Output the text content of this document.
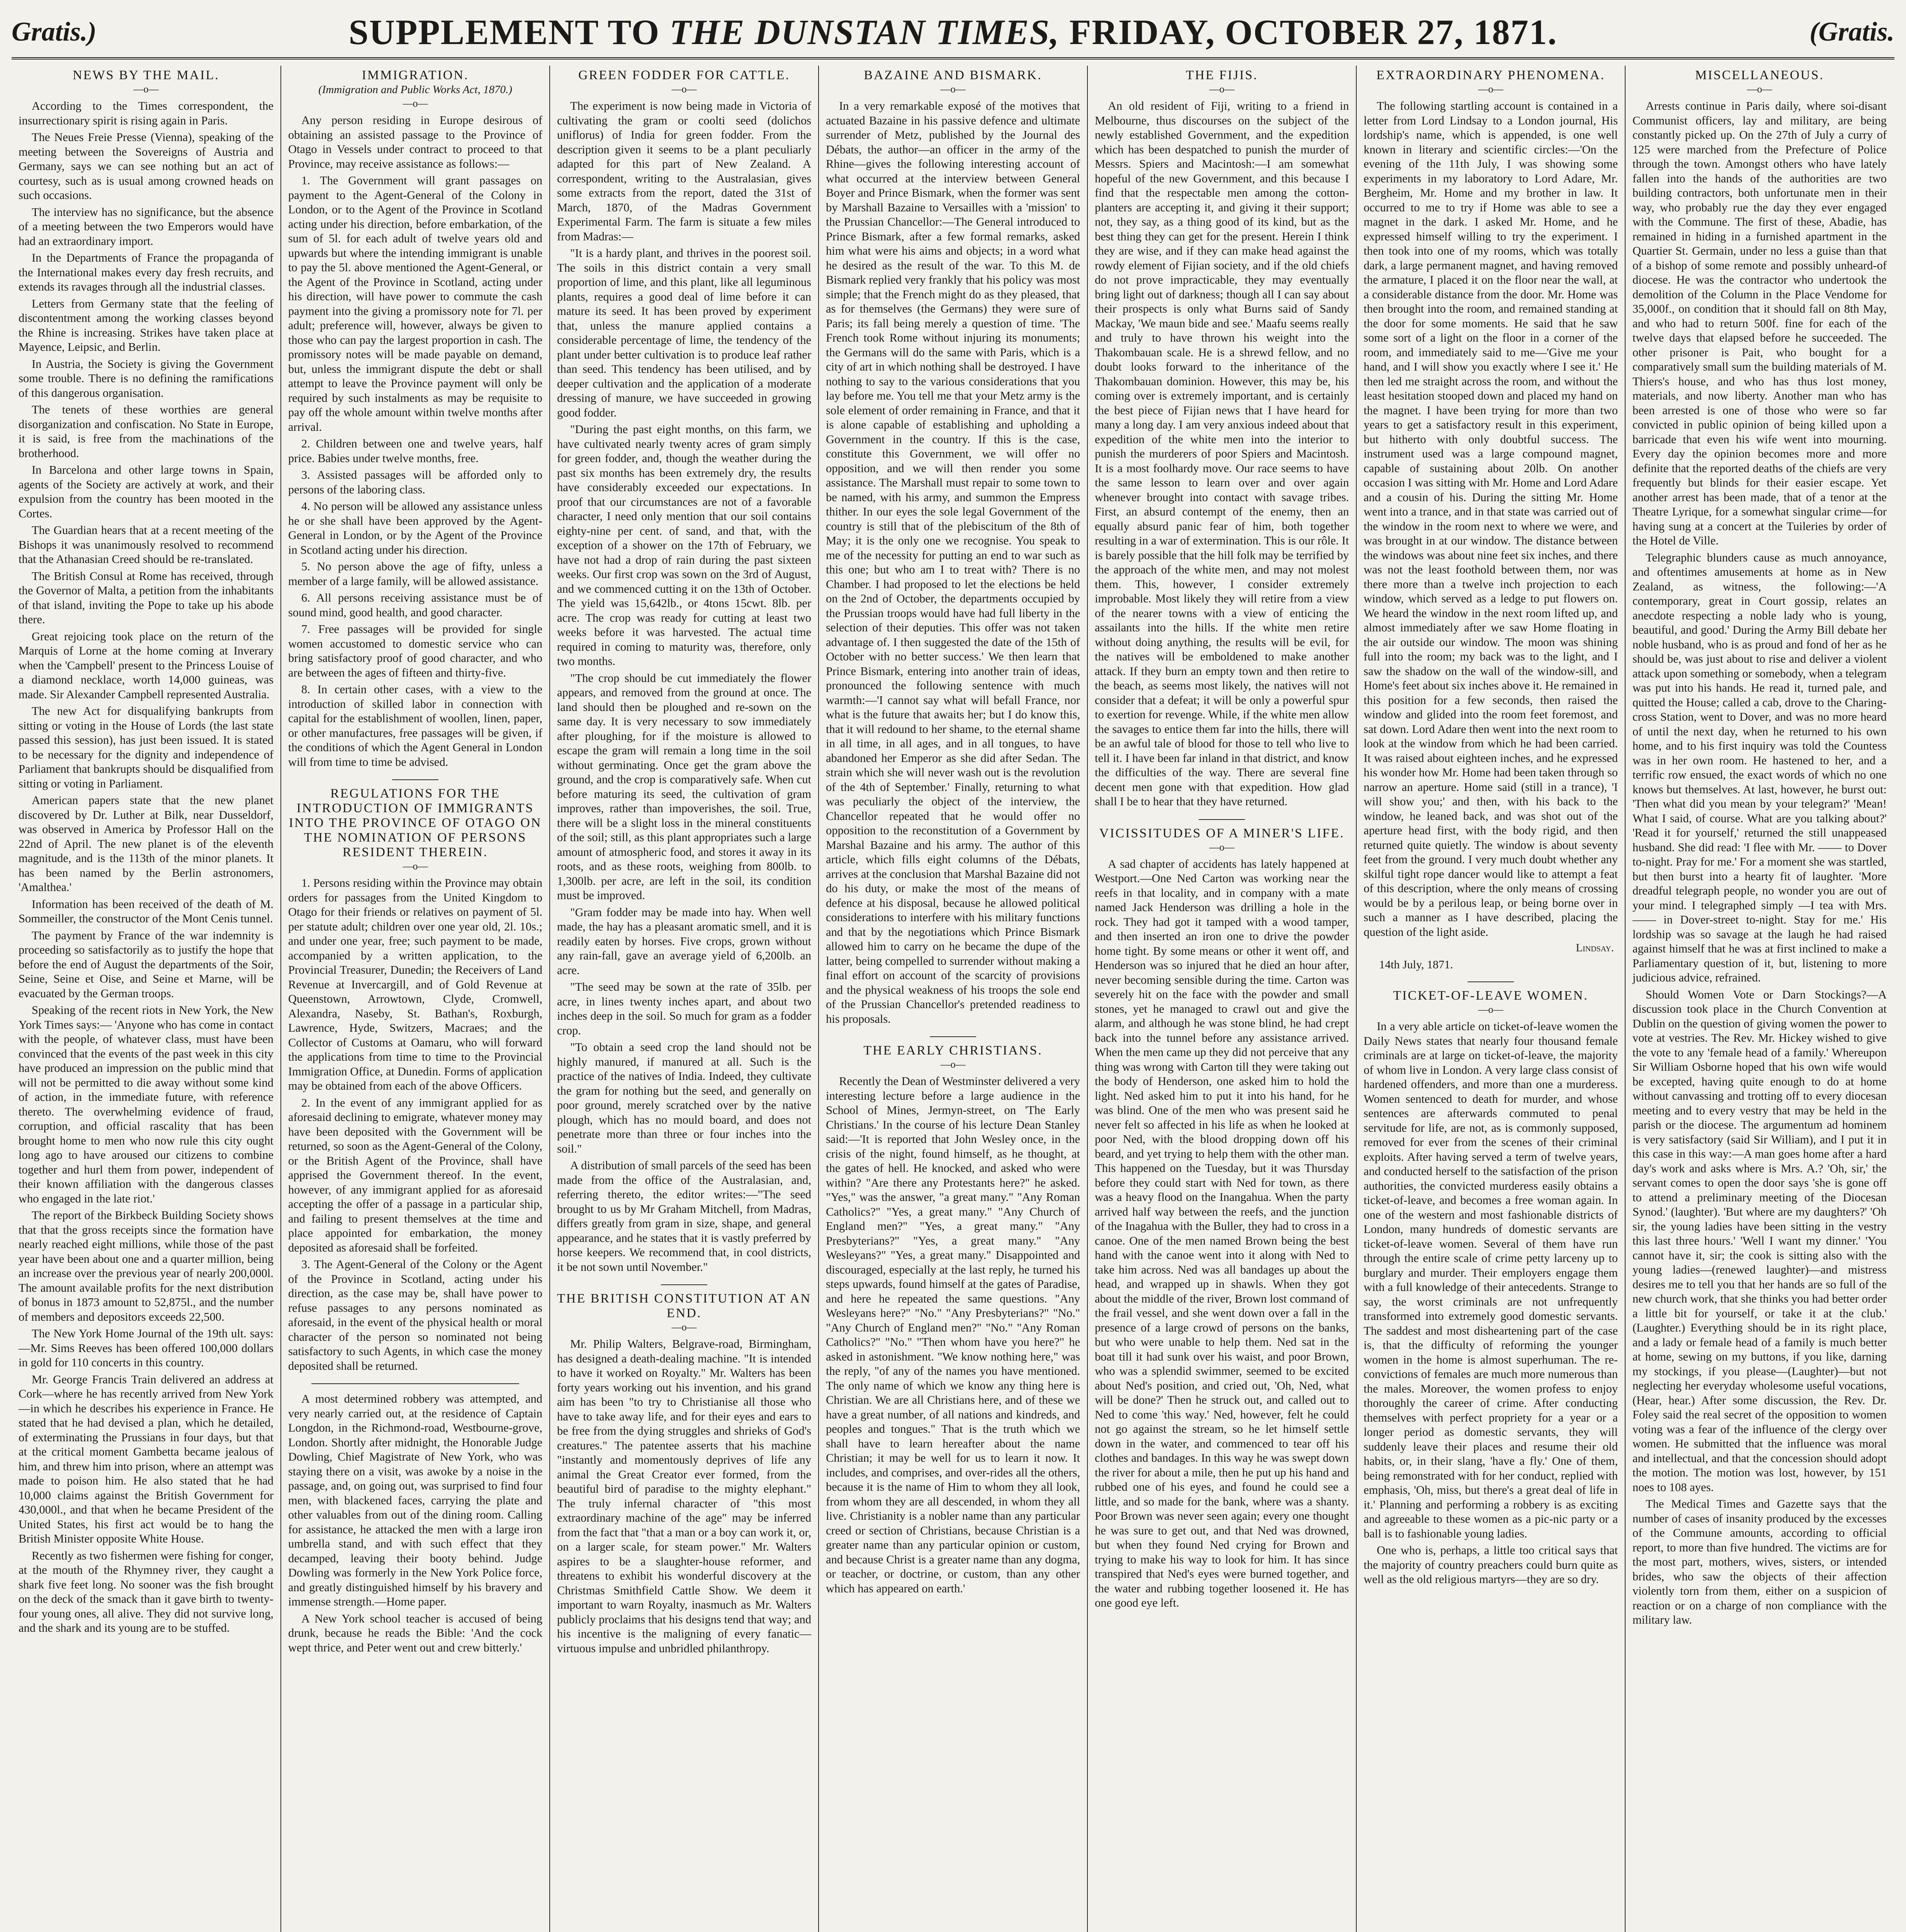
Gratis.)	SUPPLEMENT TO THE DUNSTAN TIMES, FRIDAY, OCTOBER 27, 1871.	(Gratis.
NEWS BY THE MAIL.
—o—

According to the Times correspondent, the insurrectionary spirit is rising again in Paris.

The Neues Freie Presse (Vienna), speaking of the meeting between the Sovereigns of Austria and Germany, says we can see nothing but an act of courtesy, such as is usual among crowned heads on such occasions.

The interview has no significance, but the absence of a meeting between the two Emperors would have had an extraordinary import.

In the Departments of France the propaganda of the International makes every day fresh recruits, and extends its ravages through all the industrial classes.

Letters from Germany state that the feeling of discontentment among the working classes beyond the Rhine is increasing. Strikes have taken place at Mayence, Leipsic, and Berlin.

In Austria, the Society is giving the Government some trouble. There is no defining the ramifications of this dangerous organisation.

The tenets of these worthies are general disorganization and confiscation. No State in Europe, it is said, is free from the machinations of the brotherhood.

In Barcelona and other large towns in Spain, agents of the Society are actively at work, and their expulsion from the country has been mooted in the Cortes.

The Guardian hears that at a recent meeting of the Bishops it was unanimously resolved to recommend that the Athanasian Creed should be re-translated.

The British Consul at Rome has received, through the Governor of Malta, a petition from the inhabitants of that island, inviting the Pope to take up his abode there.

Great rejoicing took place on the return of the Marquis of Lorne at the home coming at Inverary when the 'Campbell' present to the Princess Louise of a diamond necklace, worth 14,000 guineas, was made. Sir Alexander Campbell represented Australia.

The new Act for disqualifying bankrupts from sitting or voting in the House of Lords (the last state passed this session), has just been issued. It is stated to be necessary for the dignity and independence of Parliament that bankrupts should be disqualified from sitting or voting in Parliament.

American papers state that the new planet discovered by Dr. Luther at Bilk, near Dusseldorf, was observed in America by Professor Hall on the 22nd of April. The new planet is of the eleventh magnitude, and is the 113th of the minor planets. It has been named by the Berlin astronomers, 'Amalthea.'

Information has been received of the death of M. Sommeiller, the constructor of the Mont Cenis tunnel.

The payment by France of the war indemnity is proceeding so satisfactorily as to justify the hope that before the end of August the departments of the Soir, Seine, Seine et Oise, and Seine et Marne, will be evacuated by the German troops.

Speaking of the recent riots in New York, the New York Times says:— 'Anyone who has come in contact with the people, of whatever class, must have been convinced that the events of the past week in this city have produced an impression on the public mind that will not be permitted to die away without some kind of action, in the immediate future, with reference thereto. The overwhelming evidence of fraud, corruption, and official rascality that has been brought home to men who now rule this city ought long ago to have aroused our citizens to combine together and hurl them from power, independent of their known affiliation with the dangerous classes who engaged in the late riot.'

The report of the Birkbeck Building Society shows that that the gross receipts since the formation have nearly reached eight millions, while those of the past year have been about one and a quarter million, being an increase over the previous year of nearly 200,000l. The amount available profits for the next distribution of bonus in 1873 amount to 52,875l., and the number of members and depositors exceeds 22,500.

The New York Home Journal of the 19th ult. says:—Mr. Sims Reeves has been offered 100,000 dollars in gold for 110 concerts in this country.

Mr. George Francis Train delivered an address at Cork—where he has recently arrived from New York—in which he describes his experience in France. He stated that he had devised a plan, which he detailed, of exterminating the Prussians in four days, but that at the critical moment Gambetta became jealous of him, and threw him into prison, where an attempt was made to poison him. He also stated that he had 10,000 claims against the British Government for 430,000l., and that when he became President of the United States, his first act would be to hang the British Minister opposite White House.

Recently as two fishermen were fishing for conger, at the mouth of the Rhymney river, they caught a shark five feet long. No sooner was the fish brought on the deck of the smack than it gave birth to twenty-four young ones, all alive. They did not survive long, and the shark and its young are to be stuffed.

IMMIGRATION.
(Immigration and Public Works Act, 1870.)
—o—

Any person residing in Europe desirous of obtaining an assisted passage to the Province of Otago in Vessels under contract to proceed to that Province, may receive assistance as follows:—

1. The Government will grant passages on payment to the Agent-General of the Colony in London, or to the Agent of the Province in Scotland acting under his direction, before embarkation, of the sum of 5l. for each adult of twelve years old and upwards but where the intending immigrant is unable to pay the 5l. above mentioned the Agent-General, or the Agent of the Province in Scotland, acting under his direction, will have power to commute the cash payment into the giving a promissory note for 7l. per adult; preference will, however, always be given to those who can pay the largest proportion in cash. The promissory notes will be made payable on demand, but, unless the immigrant dispute the debt or shall attempt to leave the Province payment will only be required by such instalments as may be requisite to pay off the whole amount within twelve months after arrival.

2. Children between one and twelve years, half price. Babies under twelve months, free.

3. Assisted passages will be afforded only to persons of the laboring class.

4. No person will be allowed any assistance unless he or she shall have been approved by the Agent-General in London, or by the Agent of the Province in Scotland acting under his direction.

5. No person above the age of fifty, unless a member of a large family, will be allowed assistance.

6. All persons receiving assistance must be of sound mind, good health, and good character.

7. Free passages will be provided for single women accustomed to domestic service who can bring satisfactory proof of good character, and who are between the ages of fifteen and thirty-five.

8. In certain other cases, with a view to the introduction of skilled labor in connection with capital for the establishment of woollen, linen, paper, or other manufactures, free passages will be given, if the conditions of which the Agent General in London will from time to time be advised.

REGULATIONS FOR THE INTRODUCTION OF IMMIGRANTS INTO THE PROVINCE OF OTAGO ON THE NOMINATION OF PERSONS RESIDENT THEREIN.
—o—

1. Persons residing within the Province may obtain orders for passages from the United Kingdom to Otago for their friends or relatives on payment of 5l. per statute adult; children over one year old, 2l. 10s.; and under one year, free; such payment to be made, accompanied by a written application, to the Provincial Treasurer, Dunedin; the Receivers of Land Revenue at Invercargill, and of Gold Revenue at Queenstown, Arrowtown, Clyde, Cromwell, Alexandra, Naseby, St. Bathan's, Roxburgh, Lawrence, Hyde, Switzers, Macraes; and the Collector of Customs at Oamaru, who will forward the applications from time to time to the Provincial Immigration Office, at Dunedin. Forms of application may be obtained from each of the above Officers.

2. In the event of any immigrant applied for as aforesaid declining to emigrate, whatever money may have been deposited with the Government will be returned, so soon as the Agent-General of the Colony, or the British Agent of the Province, shall have apprised the Government thereof. In the event, however, of any immigrant applied for as aforesaid accepting the offer of a passage in a particular ship, and failing to present themselves at the time and place appointed for embarkation, the money deposited as aforesaid shall be forfeited.

3. The Agent-General of the Colony or the Agent of the Province in Scotland, acting under his direction, as the case may be, shall have power to refuse passages to any persons nominated as aforesaid, in the event of the physical health or moral character of the person so nominated not being satisfactory to such Agents, in which case the money deposited shall be returned.

A most determined robbery was attempted, and very nearly carried out, at the residence of Captain Longdon, in the Richmond-road, Westbourne-grove, London. Shortly after midnight, the Honorable Judge Dowling, Chief Magistrate of New York, who was staying there on a visit, was awoke by a noise in the passage, and, on going out, was surprised to find four men, with blackened faces, carrying the plate and other valuables from out of the dining room. Calling for assistance, he attacked the men with a large iron umbrella stand, and with such effect that they decamped, leaving their booty behind. Judge Dowling was formerly in the New York Police force, and greatly distinguished himself by his bravery and immense strength.—Home paper.

A New York school teacher is accused of being drunk, because he reads the Bible: 'And the cock wept thrice, and Peter went out and crew bitterly.'

GREEN FODDER FOR CATTLE.
—o—

The experiment is now being made in Victoria of cultivating the gram or coolti seed (dolichos uniflorus) of India for green fodder. From the description given it seems to be a plant peculiarly adapted for this part of New Zealand. A correspondent, writing to the Australasian, gives some extracts from the report, dated the 31st of March, 1870, of the Madras Government Experimental Farm. The farm is situate a few miles from Madras:—

"It is a hardy plant, and thrives in the poorest soil. The soils in this district contain a very small proportion of lime, and this plant, like all leguminous plants, requires a good deal of lime before it can mature its seed. It has been proved by experiment that, unless the manure applied contains a considerable percentage of lime, the tendency of the plant under better cultivation is to produce leaf rather than seed. This tendency has been utilised, and by deeper cultivation and the application of a moderate dressing of manure, we have succeeded in growing good fodder.

"During the past eight months, on this farm, we have cultivated nearly twenty acres of gram simply for green fodder, and, though the weather during the past six months has been extremely dry, the results have considerably exceeded our expectations. In proof that our circumstances are not of a favorable character, I need only mention that our soil contains eighty-nine per cent. of sand, and that, with the exception of a shower on the 17th of February, we have not had a drop of rain during the past sixteen weeks. Our first crop was sown on the 3rd of August, and we commenced cutting it on the 13th of October. The yield was 15,642lb., or 4tons 15cwt. 8lb. per acre. The crop was ready for cutting at least two weeks before it was harvested. The actual time required in coming to maturity was, therefore, only two months.

"The crop should be cut immediately the flower appears, and removed from the ground at once. The land should then be ploughed and re-sown on the same day. It is very necessary to sow immediately after ploughing, for if the moisture is allowed to escape the gram will remain a long time in the soil without germinating. Once get the gram above the ground, and the crop is comparatively safe. When cut before maturing its seed, the cultivation of gram improves, rather than impoverishes, the soil. True, there will be a slight loss in the mineral constituents of the soil; still, as this plant appropriates such a large amount of atmospheric food, and stores it away in its roots, and as these roots, weighing from 800lb. to 1,300lb. per acre, are left in the soil, its condition must be improved.

"Gram fodder may be made into hay. When well made, the hay has a pleasant aromatic smell, and it is readily eaten by horses. Five crops, grown without any rain-fall, gave an average yield of 6,200lb. an acre.

"The seed may be sown at the rate of 35lb. per acre, in lines twenty inches apart, and about two inches deep in the soil. So much for gram as a fodder crop.

"To obtain a seed crop the land should not be highly manured, if manured at all. Such is the practice of the natives of India. Indeed, they cultivate the gram for nothing but the seed, and generally on poor ground, merely scratched over by the native plough, which has no mould board, and does not penetrate more than three or four inches into the soil."

A distribution of small parcels of the seed has been made from the office of the Australasian, and, referring thereto, the editor writes:—"The seed brought to us by Mr Graham Mitchell, from Madras, differs greatly from gram in size, shape, and general appearance, and he states that it is vastly preferred by horse keepers. We recommend that, in cool districts, it be not sown until November."

THE BRITISH CONSTITUTION AT AN END.
—o—

Mr. Philip Walters, Belgrave-road, Birmingham, has designed a death-dealing machine. "It is intended to have it worked on Royalty." Mr. Walters has been forty years working out his invention, and his grand aim has been "to try to Christianise all those who have to take away life, and for their eyes and ears to be free from the dying struggles and shrieks of God's creatures." The patentee asserts that his machine "instantly and momentously deprives of life any animal the Great Creator ever formed, from the beautiful bird of paradise to the mighty elephant." The truly infernal character of "this most extraordinary machine of the age" may be inferred from the fact that "that a man or a boy can work it, or, on a larger scale, for steam power." Mr. Walters aspires to be a slaughter-house reformer, and threatens to exhibit his wonderful discovery at the Christmas Smithfield Cattle Show. We deem it important to warn Royalty, inasmuch as Mr. Walters publicly proclaims that his designs tend that way; and his incentive is the maligning of every fanatic—virtuous impulse and unbridled philanthropy.

BAZAINE AND BISMARK.
—o—

In a very remarkable exposé of the motives that actuated Bazaine in his passive defence and ultimate surrender of Metz, published by the Journal des Débats, the author—an officer in the army of the Rhine—gives the following interesting account of what occurred at the interview between General Boyer and Prince Bismark, when the former was sent by Marshall Bazaine to Versailles with a 'mission' to the Prussian Chancellor:—The General introduced to Prince Bismark, after a few formal remarks, asked him what were his aims and objects; in a word what he desired as the result of the war. To this M. de Bismark replied very frankly that his policy was most simple; that the French might do as they pleased, that as for themselves (the Germans) they were sure of Paris; its fall being merely a question of time. 'The French took Rome without injuring its monuments; the Germans will do the same with Paris, which is a city of art in which nothing shall be destroyed. I have nothing to say to the various considerations that you lay before me. You tell me that your Metz army is the sole element of order remaining in France, and that it is alone capable of establishing and upholding a Government in the country. If this is the case, constitute this Government, we will offer no opposition, and we will then render you some assistance. The Marshall must repair to some town to be named, with his army, and summon the Empress thither. In our eyes the sole legal Government of the country is still that of the plebiscitum of the 8th of May; it is the only one we recognise. You speak to me of the necessity for putting an end to war such as this one; but who am I to treat with? There is no Chamber. I had proposed to let the elections be held on the 2nd of October, the departments occupied by the Prussian troops would have had full liberty in the selection of their deputies. This offer was not taken advantage of. I then suggested the date of the 15th of October with no better success.' We then learn that Prince Bismark, entering into another train of ideas, pronounced the following sentence with much warmth:—'I cannot say what will befall France, nor what is the future that awaits her; but I do know this, that it will redound to her shame, to the eternal shame in all time, in all ages, and in all tongues, to have abandoned her Emperor as she did after Sedan. The strain which she will never wash out is the revolution of the 4th of September.' Finally, returning to what was peculiarly the object of the interview, the Chancellor repeated that he would offer no opposition to the reconstitution of a Government by Marshal Bazaine and his army. The author of this article, which fills eight columns of the Débats, arrives at the conclusion that Marshal Bazaine did not do his duty, or make the most of the means of defence at his disposal, because he allowed political considerations to interfere with his military functions and that by the negotiations which Prince Bismark allowed him to carry on he became the dupe of the latter, being compelled to surrender without making a final effort on account of the scarcity of provisions and the physical weakness of his troops the sole end of the Prussian Chancellor's pretended readiness to his proposals.

THE EARLY CHRISTIANS.
—o—

Recently the Dean of Westminster delivered a very interesting lecture before a large audience in the School of Mines, Jermyn-street, on 'The Early Christians.' In the course of his lecture Dean Stanley said:—'It is reported that John Wesley once, in the crisis of the night, found himself, as he thought, at the gates of hell. He knocked, and asked who were within? "Are there any Protestants here?" he asked. "Yes," was the answer, "a great many." "Any Roman Catholics?" "Yes, a great many." "Any Church of England men?" "Yes, a great many." "Any Presbyterians?" "Yes, a great many." "Any Wesleyans?" "Yes, a great many." Disappointed and discouraged, especially at the last reply, he turned his steps upwards, found himself at the gates of Paradise, and here he repeated the same questions. "Any Wesleyans here?" "No." "Any Presbyterians?" "No." "Any Church of England men?" "No." "Any Roman Catholics?" "No." "Then whom have you here?" he asked in astonishment. "We know nothing here," was the reply, "of any of the names you have mentioned. The only name of which we know any thing here is Christian. We are all Christians here, and of these we have a great number, of all nations and kindreds, and peoples and tongues." That is the truth which we shall have to learn hereafter about the name Christian; it may be well for us to learn it now. It includes, and comprises, and over-rides all the others, because it is the name of Him to whom they all look, from whom they are all descended, in whom they all live. Christianity is a nobler name than any particular creed or section of Christians, because Christian is a greater name than any particular opinion or custom, and because Christ is a greater name than any dogma, or teacher, or doctrine, or custom, than any other which has appeared on earth.'

THE FIJIS.
—o—

An old resident of Fiji, writing to a friend in Melbourne, thus discourses on the subject of the newly established Government, and the expedition which has been despatched to punish the murder of Messrs. Spiers and Macintosh:—I am somewhat hopeful of the new Government, and this because I find that the respectable men among the cotton-planters are accepting it, and giving it their support; not, they say, as a thing good of its kind, but as the best thing they can get for the present. Herein I think they are wise, and if they can make head against the rowdy element of Fijian society, and if the old chiefs do not prove impracticable, they may eventually bring light out of darkness; though all I can say about their prospects is only what Burns said of Sandy Mackay, 'We maun bide and see.' Maafu seems really and truly to have thrown his weight into the Thakombauan scale. He is a shrewd fellow, and no doubt looks forward to the inheritance of the Thakombauan dominion. However, this may be, his coming over is extremely important, and is certainly the best piece of Fijian news that I have heard for many a long day. I am very anxious indeed about that expedition of the white men into the interior to punish the murderers of poor Spiers and Macintosh. It is a most foolhardy move. Our race seems to have the same lesson to learn over and over again whenever brought into contact with savage tribes. First, an absurd contempt of the enemy, then an equally absurd panic fear of him, both together resulting in a war of extermination. This is our rôle. It is barely possible that the hill folk may be terrified by the approach of the white men, and may not molest them. This, however, I consider extremely improbable. Most likely they will retire from a view of the nearer towns with a view of enticing the assailants into the hills. If the white men retire without doing anything, the results will be evil, for the natives will be emboldened to make another attack. If they burn an empty town and then retire to the beach, as seems most likely, the natives will not consider that a defeat; it will be only a powerful spur to exertion for revenge. While, if the white men allow the savages to entice them far into the hills, there will be an awful tale of blood for those to tell who live to tell it. I have been far inland in that district, and know the difficulties of the way. There are several fine decent men gone with that expedition. How glad shall I be to hear that they have returned.

VICISSITUDES OF A MINER'S LIFE.
—o—

A sad chapter of accidents has lately happened at Westport.—One Ned Carton was working near the reefs in that locality, and in company with a mate named Jack Henderson was drilling a hole in the rock. They had got it tamped with a wood tamper, and then inserted an iron one to drive the powder home tight. By some means or other it went off, and Henderson was so injured that he died an hour after, never becoming sensible during the time. Carton was severely hit on the face with the powder and small stones, yet he managed to crawl out and give the alarm, and although he was stone blind, he had crept back into the tunnel before any assistance arrived. When the men came up they did not perceive that any thing was wrong with Carton till they were taking out the body of Henderson, one asked him to hold the light. Ned asked him to put it into his hand, for he was blind. One of the men who was present said he never felt so affected in his life as when he looked at poor Ned, with the blood dropping down off his beard, and yet trying to help them with the other man. This happened on the Tuesday, but it was Thursday before they could start with Ned for town, as there was a heavy flood on the Inangahua. When the party arrived half way between the reefs, and the junction of the Inagahua with the Buller, they had to cross in a canoe. One of the men named Brown being the best hand with the canoe went into it along with Ned to take him across. Ned was all bandages up about the head, and wrapped up in shawls. When they got about the middle of the river, Brown lost command of the frail vessel, and she went down over a fall in the presence of a large crowd of persons on the banks, but who were unable to help them. Ned sat in the boat till it had sunk over his waist, and poor Brown, who was a splendid swimmer, seemed to be excited about Ned's position, and cried out, 'Oh, Ned, what will be done?' Then he struck out, and called out to Ned to come 'this way.' Ned, however, felt he could not go against the stream, so he let himself settle down in the water, and commenced to tear off his clothes and bandages. In this way he was swept down the river for about a mile, then he put up his hand and rubbed one of his eyes, and found he could see a little, and so made for the bank, where was a shanty. Poor Brown was never seen again; every one thought he was sure to get out, and that Ned was drowned, but when they found Ned crying for Brown and trying to make his way to look for him. It has since transpired that Ned's eyes were burned together, and the water and rubbing together loosened it. He has one good eye left.

EXTRAORDINARY PHENOMENA.
—o—

The following startling account is contained in a letter from Lord Lindsay to a London journal, His lordship's name, which is appended, is one well known in literary and scientific circles:—'On the evening of the 11th July, I was showing some experiments in my laboratory to Lord Adare, Mr. Bergheim, Mr. Home and my brother in law. It occurred to me to try if Home was able to see a magnet in the dark. I asked Mr. Home, and he expressed himself willing to try the experiment. I then took into one of my rooms, which was totally dark, a large permanent magnet, and having removed the armature, I placed it on the floor near the wall, at a considerable distance from the door. Mr. Home was then brought into the room, and remained standing at the door for some moments. He said that he saw some sort of a light on the floor in a corner of the room, and immediately said to me—'Give me your hand, and I will show you exactly where I see it.' He then led me straight across the room, and without the least hesitation stooped down and placed my hand on the magnet. I have been trying for more than two years to get a satisfactory result in this experiment, but hitherto with only doubtful success. The instrument used was a large compound magnet, capable of sustaining about 20lb. On another occasion I was sitting with Mr. Home and Lord Adare and a cousin of his. During the sitting Mr. Home went into a trance, and in that state was carried out of the window in the room next to where we were, and was brought in at our window. The distance between the windows was about nine feet six inches, and there was not the least foothold between them, nor was there more than a twelve inch projection to each window, which served as a ledge to put flowers on. We heard the window in the next room lifted up, and almost immediately after we saw Home floating in the air outside our window. The moon was shining full into the room; my back was to the light, and I saw the shadow on the wall of the window-sill, and Home's feet about six inches above it. He remained in this position for a few seconds, then raised the window and glided into the room feet foremost, and sat down. Lord Adare then went into the next room to look at the window from which he had been carried. It was raised about eighteen inches, and he expressed his wonder how Mr. Home had been taken through so narrow an aperture. Home said (still in a trance), 'I will show you;' and then, with his back to the window, he leaned back, and was shot out of the aperture head first, with the body rigid, and then returned quite quietly. The window is about seventy feet from the ground. I very much doubt whether any skilful tight rope dancer would like to attempt a feat of this description, where the only means of crossing would be by a perilous leap, or being borne over in such a manner as I have described, placing the question of the light aside.

Lindsay.
14th July, 1871.
TICKET-OF-LEAVE WOMEN.
—o—

In a very able article on ticket-of-leave women the Daily News states that nearly four thousand female criminals are at large on ticket-of-leave, the majority of whom live in London. A very large class consist of hardened offenders, and more than one a murderess. Women sentenced to death for murder, and whose sentences are afterwards commuted to penal servitude for life, are not, as is commonly supposed, removed for ever from the scenes of their criminal exploits. After having served a term of twelve years, and conducted herself to the satisfaction of the prison authorities, the convicted murderess easily obtains a ticket-of-leave, and becomes a free woman again. In one of the western and most fashionable districts of London, many hundreds of domestic servants are ticket-of-leave women. Several of them have run through the entire scale of crime petty larceny up to burglary and murder. Their employers engage them with a full knowledge of their antecedents. Strange to say, the worst criminals are not unfrequently transformed into extremely good domestic servants. The saddest and most disheartening part of the case is, that the difficulty of reforming the younger women in the home is almost superhuman. The re-convictions of females are much more numerous than the males. Moreover, the women profess to enjoy thoroughly the career of crime. After conducting themselves with perfect propriety for a year or a longer period as domestic servants, they will suddenly leave their places and resume their old habits, or, in their slang, 'have a fly.' One of them, being remonstrated with for her conduct, replied with emphasis, 'Oh, miss, but there's a great deal of life in it.' Planning and performing a robbery is as exciting and agreeable to these women as a pic-nic party or a ball is to fashionable young ladies.

One who is, perhaps, a little too critical says that the majority of country preachers could burn quite as well as the old religious martyrs—they are so dry.

MISCELLANEOUS.
—o—

Arrests continue in Paris daily, where soi-disant Communist officers, lay and military, are being constantly picked up. On the 27th of July a curry of 125 were marched from the Prefecture of Police through the town. Amongst others who have lately fallen into the hands of the authorities are two building contractors, both unfortunate men in their way, who probably rue the day they ever engaged with the Commune. The first of these, Abadie, has remained in hiding in a furnished apartment in the Quartier St. Germain, under no less a guise than that of a bishop of some remote and possibly unheard-of diocese. He was the contractor who undertook the demolition of the Column in the Place Vendome for 35,000f., on condition that it should fall on 8th May, and who had to return 500f. fine for each of the twelve days that elapsed before he succeeded. The other prisoner is Pait, who bought for a comparatively small sum the building materials of M. Thiers's house, and who has thus lost money, materials, and now liberty. Another man who has been arrested is one of those who were so far convicted in public opinion of being killed upon a barricade that even his wife went into mourning. Every day the opinion becomes more and more definite that the reported deaths of the chiefs are very frequently but blinds for their easier escape. Yet another arrest has been made, that of a tenor at the Theatre Lyrique, for a somewhat singular crime—for having sung at a concert at the Tuileries by order of the Hotel de Ville.

Telegraphic blunders cause as much annoyance, and oftentimes amusements at home as in New Zealand, as witness, the following:—'A contemporary, great in Court gossip, relates an anecdote respecting a noble lady who is young, beautiful, and good.' During the Army Bill debate her noble husband, who is as proud and fond of her as he should be, was just about to rise and deliver a violent attack upon something or somebody, when a telegram was put into his hands. He read it, turned pale, and quitted the House; called a cab, drove to the Charing-cross Station, went to Dover, and was no more heard of until the next day, when he returned to his own home, and to his first inquiry was told the Countess was in her own room. He hastened to her, and a terrific row ensued, the exact words of which no one knows but themselves. At last, however, he burst out: 'Then what did you mean by your telegram?' 'Mean! What I said, of course. What are you talking about?' 'Read it for yourself,' returned the still unappeased husband. She did read: 'I flee with Mr. —— to Dover to-night. Pray for me.' For a moment she was startled, but then burst into a hearty fit of laughter. 'More dreadful telegraph people, no wonder you are out of your mind. I telegraphed simply —I tea with Mrs. —— in Dover-street to-night. Stay for me.' His lordship was so savage at the laugh he had raised against himself that he was at first inclined to make a Parliamentary question of it, but, listening to more judicious advice, refrained.

Should Women Vote or Darn Stockings?—A discussion took place in the Church Convention at Dublin on the question of giving women the power to vote at vestries. The Rev. Mr. Hickey wished to give the vote to any 'female head of a family.' Whereupon Sir William Osborne hoped that his own wife would be excepted, having quite enough to do at home without canvassing and trotting off to every diocesan meeting and to every vestry that may be held in the parish or the diocese. The argumentum ad hominem is very satisfactory (said Sir William), and I put it in this case in this way:—A man goes home after a hard day's work and asks where is Mrs. A.? 'Oh, sir,' the servant comes to open the door says 'she is gone off to attend a preliminary meeting of the Diocesan Synod.' (laughter). 'But where are my daughters?' 'Oh sir, the young ladies have been sitting in the vestry this last three hours.' 'Well I want my dinner.' 'You cannot have it, sir; the cook is sitting also with the young ladies—(renewed laughter)—and mistress desires me to tell you that her hands are so full of the new church work, that she thinks you had better order a little bit for yourself, or take it at the club.' (Laughter.) Everything should be in its right place, and a lady or female head of a family is much better at home, sewing on my buttons, if you like, darning my stockings, if you please—(Laughter)—but not neglecting her everyday wholesome useful vocations, (Hear, hear.) After some discussion, the Rev. Dr. Foley said the real secret of the opposition to women voting was a fear of the influence of the clergy over women. He submitted that the influence was moral and intellectual, and that the concession should adopt the motion. The motion was lost, however, by 151 noes to 108 ayes.

The Medical Times and Gazette says that the number of cases of insanity produced by the excesses of the Commune amounts, according to official report, to more than five hundred. The victims are for the most part, mothers, wives, sisters, or intended brides, who saw the objects of their affection violently torn from them, either on a suspicion of reaction or on a charge of non compliance with the military law.
